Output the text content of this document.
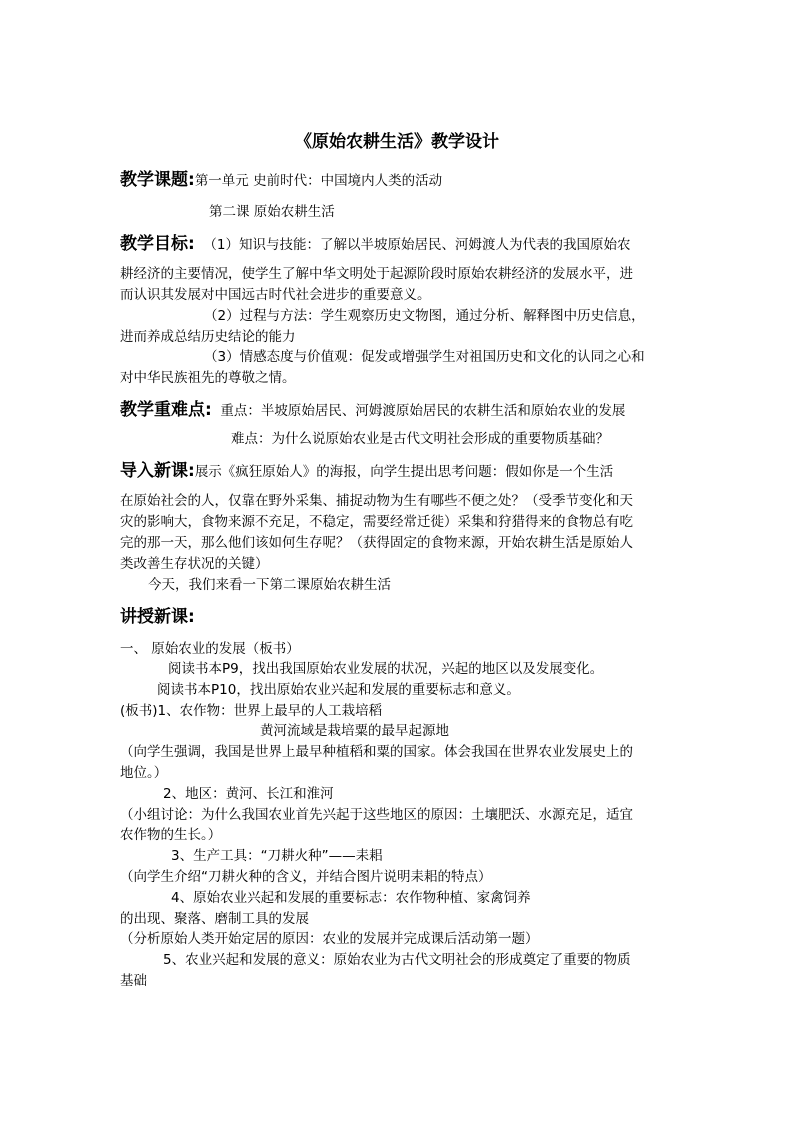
《原始农耕生活》教学设计
教学课题:第一单元 史前时代：中国境内人类的活动
第二课 原始农耕生活
教学目标: （1）知识与技能：了解以半坡原始居民、河姆渡人为代表的我国原始农
耕经济的主要情况，使学生了解中华文明处于起源阶段时原始农耕经济的发展水平，进
而认识其发展对中国远古时代社会进步的重要意义。
（2）过程与方法：学生观察历史文物图，通过分析、解释图中历史信息，
进而养成总结历史结论的能力
（3）情感态度与价值观：促发或增强学生对祖国历史和文化的认同之心和
对中华民族祖先的尊敬之情。
教学重难点: 重点：半坡原始居民、河姆渡原始居民的农耕生活和原始农业的发展
难点：为什么说原始农业是古代文明社会形成的重要物质基础？
导入新课:展示《疯狂原始人》的海报，向学生提出思考问题：假如你是一个生活
在原始社会的人，仅靠在野外采集、捕捉动物为生有哪些不便之处？（受季节变化和天
灾的影响大，食物来源不充足，不稳定，需要经常迁徙）采集和狩猎得来的食物总有吃
完的那一天，那么他们该如何生存呢？（获得固定的食物来源，开始农耕生活是原始人
类改善生存状况的关键）
今天，我们来看一下第二课原始农耕生活
讲授新课:
一、 原始农业的发展（板书）
阅读书本P9，找出我国原始农业发展的状况，兴起的地区以及发展变化。
阅读书本P10，找出原始农业兴起和发展的重要标志和意义。
(板书)1、农作物：世界上最早的人工栽培稻
黄河流域是栽培粟的最早起源地
（向学生强调，我国是世界上最早种植稻和粟的国家。体会我国在世界农业发展史上的
地位。）
2、地区：黄河、长江和淮河
（小组讨论：为什么我国农业首先兴起于这些地区的原因：土壤肥沃、水源充足，适宜
农作物的生长。）
3、生产工具：“刀耕火种”——耒耜
（向学生介绍“刀耕火种的含义，并结合图片说明耒耜的特点）
4、原始农业兴起和发展的重要标志：农作物种植、家禽饲养
的出现、聚落、磨制工具的发展
（分析原始人类开始定居的原因：农业的发展并完成课后活动第一题）
5、农业兴起和发展的意义：原始农业为古代文明社会的形成奠定了重要的物质
基础
